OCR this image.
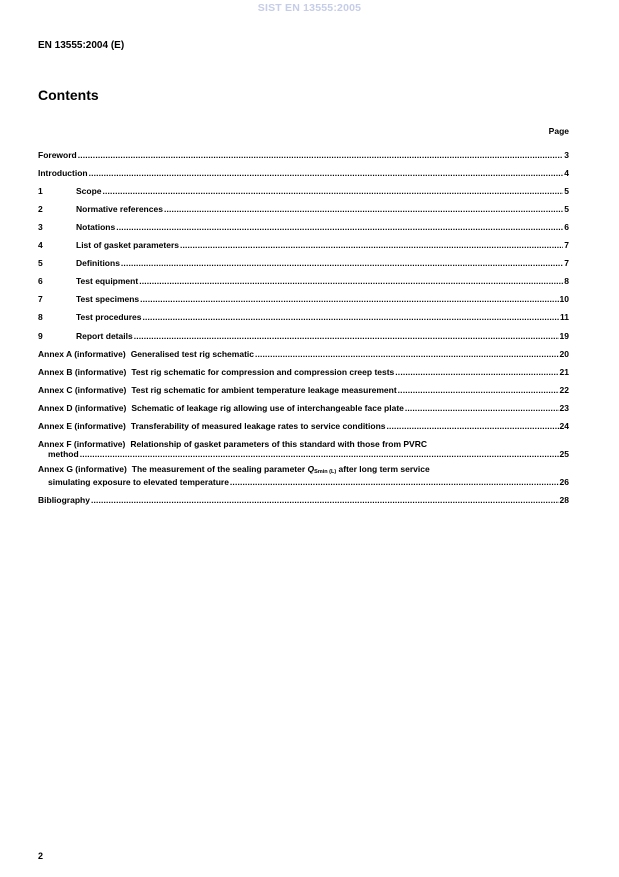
SIST EN 13555:2005
EN 13555:2004 (E)
Contents
Page
Foreword .....	3
Introduction .....	4
1	Scope .....	5
2	Normative references .....	5
3	Notations .....	6
4	List of gasket parameters .....	7
5	Definitions .....	7
6	Test equipment .....	8
7	Test specimens .....	10
8	Test procedures .....	11
9	Report details .....	19
Annex A (informative) Generalised test rig schematic .....	20
Annex B (informative) Test rig schematic for compression and compression creep tests .....	21
Annex C (informative) Test rig schematic for ambient temperature leakage measurement .....	22
Annex D (informative) Schematic of leakage rig allowing use of interchangeable face plate .....	23
Annex E (informative) Transferability of measured leakage rates to service conditions .....	24
Annex F (informative) Relationship of gasket parameters of this standard with those from PVRC
method .....	25
Annex G (informative) The measurement of the sealing parameter QSmin (L) after long term service
simulating exposure to elevated temperature .....	26
Bibliography .....	28
2
